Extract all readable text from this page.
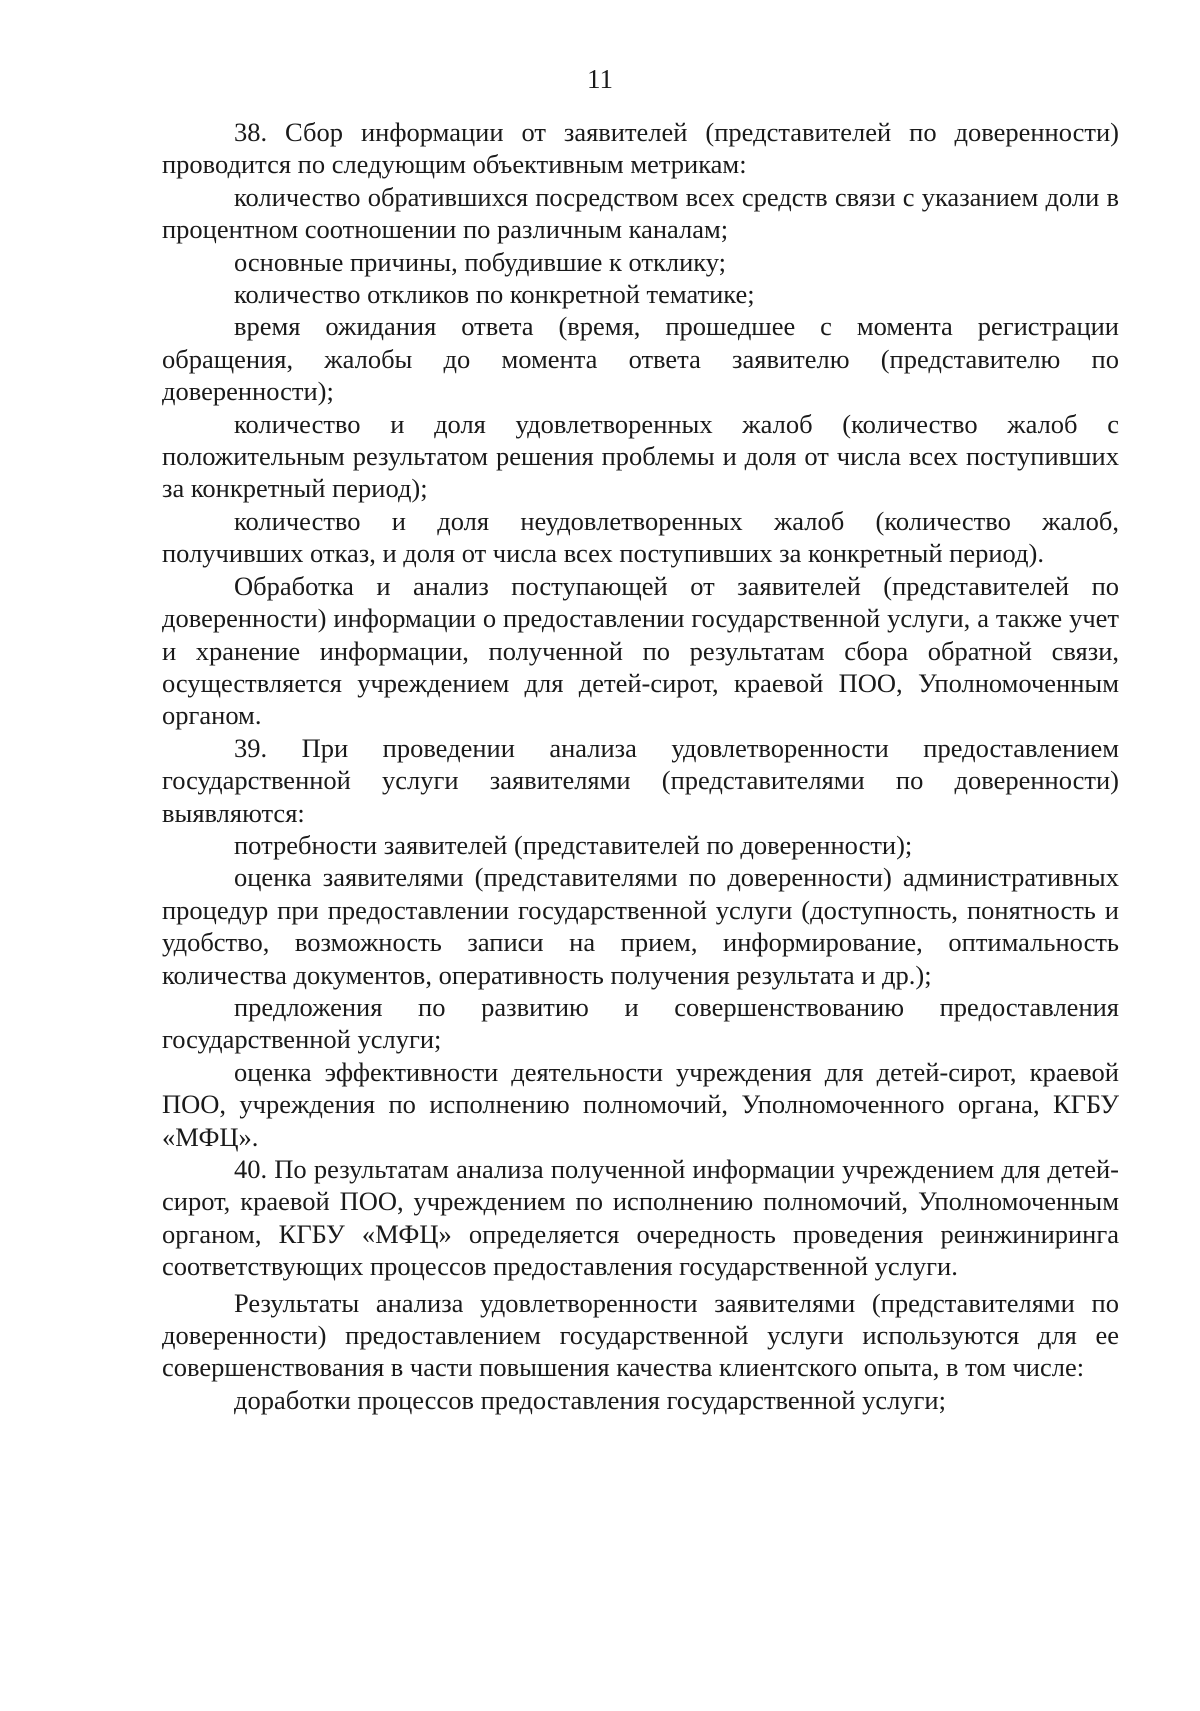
11

38. Сбор информации от заявителей (представителей по доверенности) проводится по следующим объективным метрикам:

количество обратившихся посредством всех средств связи с указанием доли в процентном соотношении по различным каналам;

основные причины, побудившие к отклику;

количество откликов по конкретной тематике;

время ожидания ответа (время, прошедшее с момента регистрации обращения, жалобы до момента ответа заявителю (представителю по доверенности);

количество и доля удовлетворенных жалоб (количество жалоб с положительным результатом решения проблемы и доля от числа всех поступивших за конкретный период);

количество и доля неудовлетворенных жалоб (количество жалоб, получивших отказ, и доля от числа всех поступивших за конкретный период).

Обработка и анализ поступающей от заявителей (представителей по доверенности) информации о предоставлении государственной услуги, а также учет и хранение информации, полученной по результатам сбора обратной связи, осуществляется учреждением для детей-сирот, краевой ПОО, Уполномоченным органом.

39. При проведении анализа удовлетворенности предоставлением государственной услуги заявителями (представителями по доверенности) выявляются:

потребности заявителей (представителей по доверенности);

оценка заявителями (представителями по доверенности) административных процедур при предоставлении государственной услуги (доступность, понятность и удобство, возможность записи на прием, информирование, оптимальность количества документов, оперативность получения результата и др.);

предложения по развитию и совершенствованию предоставления государственной услуги;

оценка эффективности деятельности учреждения для детей-сирот, краевой ПОО, учреждения по исполнению полномочий, Уполномоченного органа, КГБУ «МФЦ».

40. По результатам анализа полученной информации учреждением для детей-сирот, краевой ПОО, учреждением по исполнению полномочий, Уполномоченным органом, КГБУ «МФЦ» определяется очередность проведения реинжиниринга соответствующих процессов предоставления государственной услуги.

Результаты анализа удовлетворенности заявителями (представителями по доверенности) предоставлением государственной услуги используются для ее совершенствования в части повышения качества клиентского опыта, в том числе:

доработки процессов предоставления государственной услуги;
